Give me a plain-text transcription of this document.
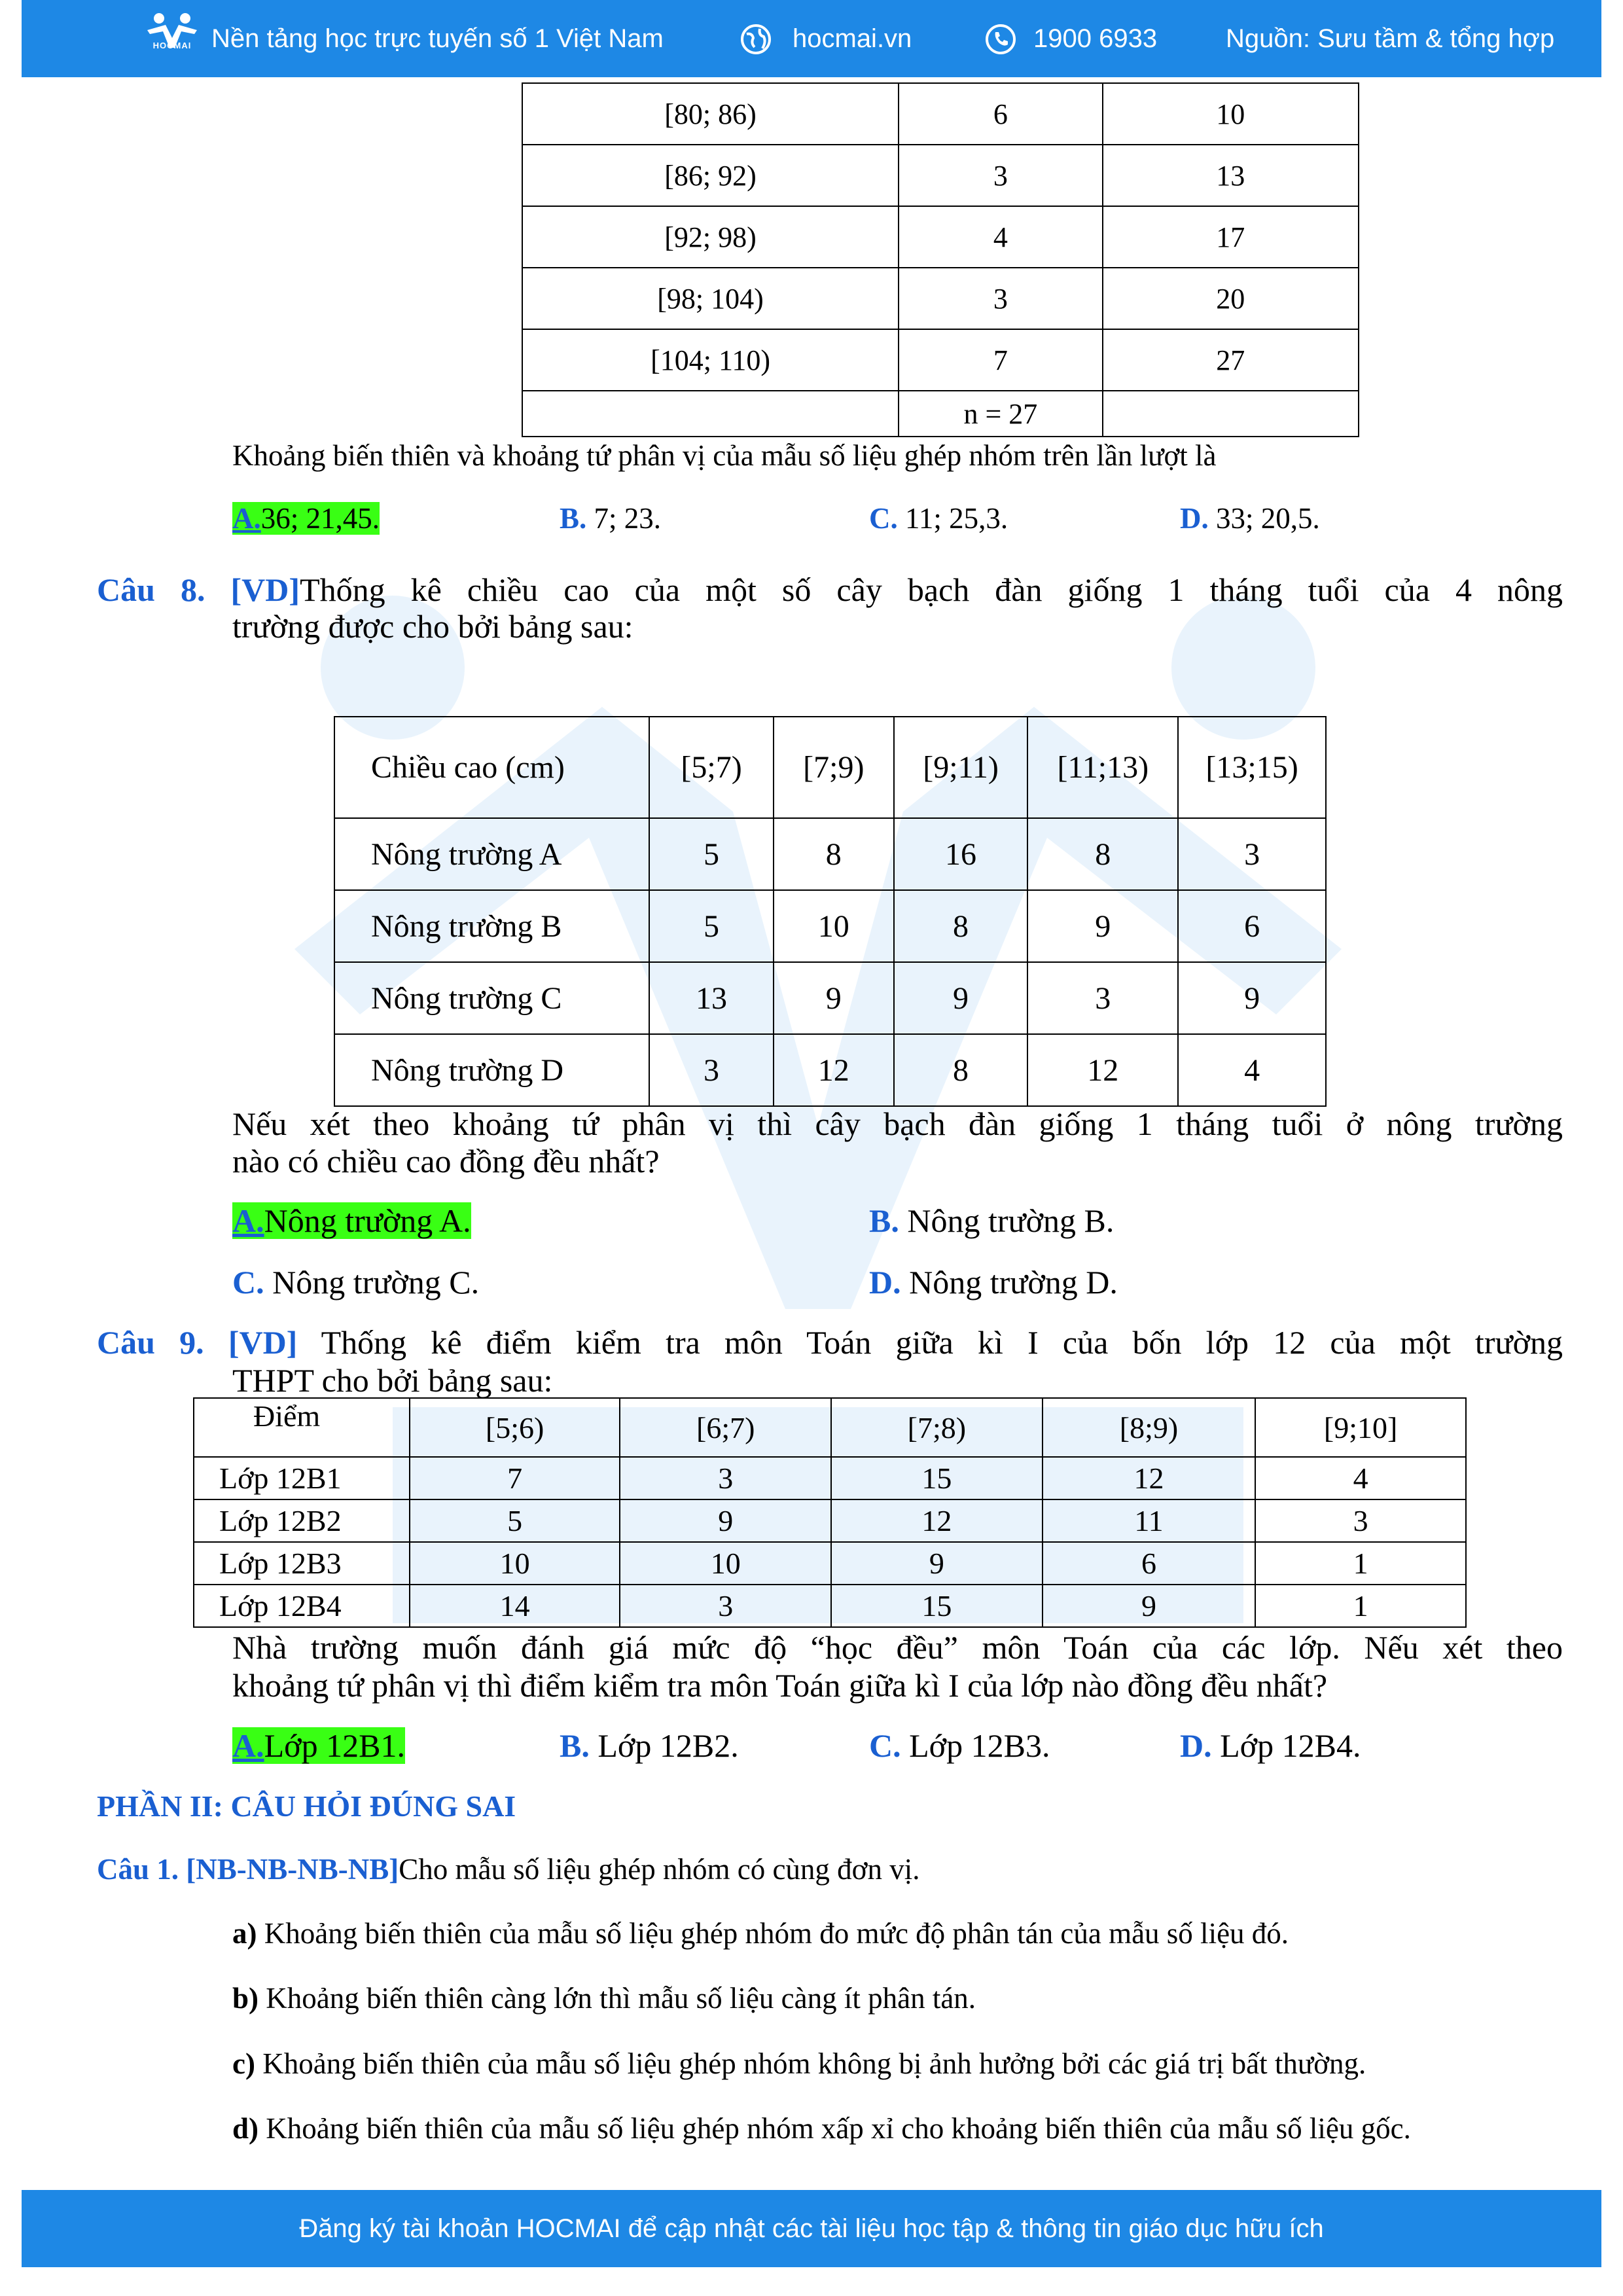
HOCMAI Nền tảng học trực tuyến số 1 Việt Nam	hocmai.vn	1900 6933	Nguồn: Sưu tầm & tổng hợp
[80; 86)	6	10
[86; 92)	3	13
[92; 98)	4	17
[98; 104)	3	20
[104; 110)	7	27
	n = 27	
Khoảng biến thiên và khoảng tứ phân vị của mẫu số liệu ghép nhóm trên lần lượt là
A.36; 21,45.	B. 7; 23.	C. 11; 25,3.	D. 33; 20,5.
Câu 8. [VD]Thống kê chiều cao của một số cây bạch đàn giống 1 tháng tuổi của 4 nông
trường được cho bởi bảng sau:
Chiều cao (cm)	[5;7)	[7;9)	[9;11)	[11;13)	[13;15)
Nông trường A	5	8	16	8	3
Nông trường B	5	10	8	9	6
Nông trường C	13	9	9	3	9
Nông trường D	3	12	8	12	4
Nếu xét theo khoảng tứ phân vị thì cây bạch đàn giống 1 tháng tuổi ở nông trường
nào có chiều cao đồng đều nhất?
A.Nông trường A.	B. Nông trường B.
C. Nông trường C.	D. Nông trường D.
Câu 9. [VD] Thống kê điểm kiểm tra môn Toán giữa kì I của bốn lớp 12 của một trường
THPT cho bởi bảng sau:
Điểm	[5;6)	[6;7)	[7;8)	[8;9)	[9;10]
Lớp 12B1	7	3	15	12	4
Lớp 12B2	5	9	12	11	3
Lớp 12B3	10	10	9	6	1
Lớp 12B4	14	3	15	9	1
Nhà trường muốn đánh giá mức độ “học đều” môn Toán của các lớp. Nếu xét theo
khoảng tứ phân vị thì điểm kiểm tra môn Toán giữa kì I của lớp nào đồng đều nhất?
A.Lớp 12B1.	B. Lớp 12B2.	C. Lớp 12B3.	D. Lớp 12B4.
PHẦN II: CÂU HỎI ĐÚNG SAI
Câu 1. [NB-NB-NB-NB]Cho mẫu số liệu ghép nhóm có cùng đơn vị.
a) Khoảng biến thiên của mẫu số liệu ghép nhóm đo mức độ phân tán của mẫu số liệu đó.
b) Khoảng biến thiên càng lớn thì mẫu số liệu càng ít phân tán.
c) Khoảng biến thiên của mẫu số liệu ghép nhóm không bị ảnh hưởng bởi các giá trị bất thường.
d) Khoảng biến thiên của mẫu số liệu ghép nhóm xấp xỉ cho khoảng biến thiên của mẫu số liệu gốc.
Đăng ký tài khoản HOCMAI để cập nhật các tài liệu học tập & thông tin giáo dục hữu ích
